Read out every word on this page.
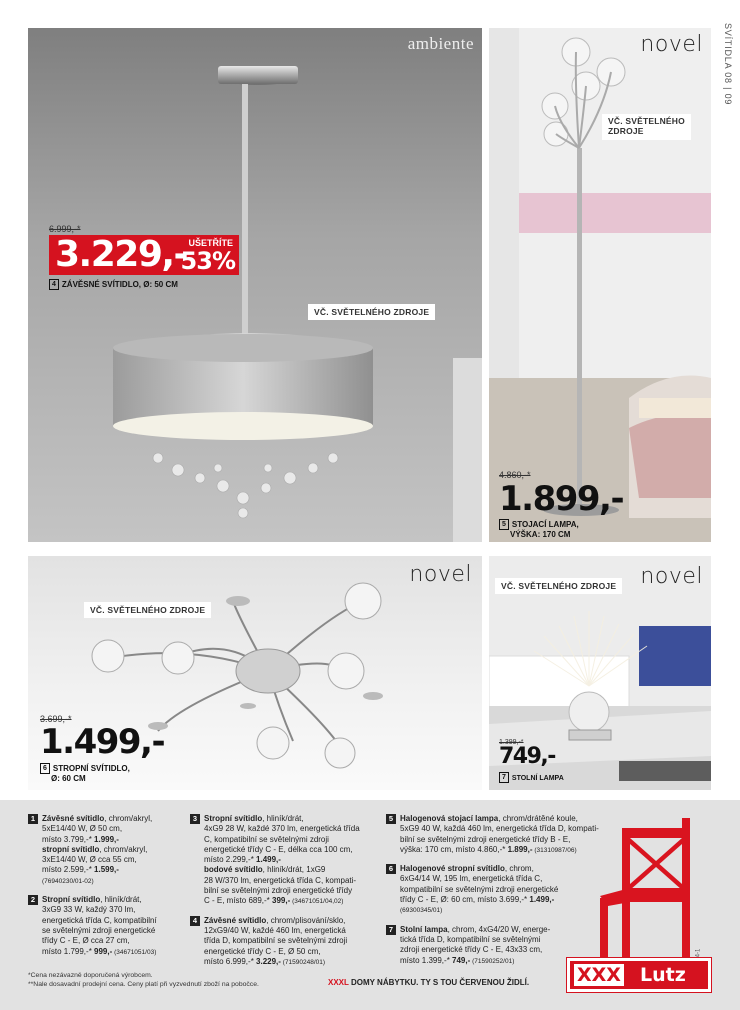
SVÍTIDLA 08 | 09
ambiente
6.999,-*
3.229,- UŠETŘÍTE
53%
4 ZÁVĚSNÉ SVÍTIDLO, Ø: 50 CM
VČ. SVĚTELNÉHO ZDROJE
novel
VČ. SVĚTELNÉHO
ZDROJE
4.860,-*
1.899,-
5 STOJACÍ LAMPA,
VÝŠKA: 170 CM
novel
VČ. SVĚTELNÉHO ZDROJE
3.699,-*
1.499,-
6 STROPNÍ SVÍTIDLO,
Ø: 60 CM
VČ. SVĚTELNÉHO ZDROJE novel
1.399,-*
749,-
7 STOLNÍ LAMPA
1 Závěsné svítidlo, chrom/akryl,
5xE14/40 W, Ø 50 cm,
místo 3.799,-* 1.999,-
stropní svítidlo, chrom/akryl,
3xE14/40 W, Ø cca 55 cm,
místo 2.599,-* 1.599,-
(76940230/01-02)
2 Stropní svítidlo, hliník/drát,
3xG9 33 W, každý 370 lm,
energetická třída C, kompatibilní
se světelnými zdroji energetické
třídy C - E, Ø cca 27 cm,
místo 1.799,-* 999,- (34671051/03)
3 Stropní svítidlo, hliník/drát,
4xG9 28 W, každé 370 lm, energetická třída
C, kompatibilní se světelnými zdroji
energetické třídy C - E, délka cca 100 cm,
místo 2.299,-* 1.499,-
bodové svítidlo, hliník/drát, 1xG9
28 W/370 lm, energetická třída C, kompati-
bilní se světelnými zdroji energetické třídy
C - E, místo 689,-* 399,- (34671051/04,02)
4 Závěsné svítidlo, chrom/plisování/sklo,
12xG9/40 W, každé 460 lm, energetická
třída D, kompatibilní se světelnými zdroji
energetické třídy C - E, Ø 50 cm,
místo 6.999,-* 3.229,- (71590248/01)
5 Halogenová stojací lampa, chrom/drátěné koule,
5xG9 40 W, každá 460 lm, energetická třída D, kompati-
bilní se světelnými zdroji energetické třídy B - E,
výška: 170 cm, místo 4.860,-* 1.899,- (31310987/06)
6 Halogenové stropní svítidlo, chrom,
6xG4/14 W, 195 lm, energetická třída C,
kompatibilní se světelnými zdroji energetické
třídy C - E, Ø: 60 cm, místo 3.699,-* 1.499,-
(69300345/01)
7 Stolní lampa, chrom, 4xG4/20 W, energe-
tická třída D, kompatibilní se světelnými
zdroji energetické třídy C - E, 43x33 cm,
místo 1.399,-* 749,- (71590252/01)
*Cena nezávazně doporučená výrobcem.
**Nale dosavadní prodejní cena. Ceny platí při vyzvednutí zboží na pobočce.	XXXL DOMY NÁBYTKU. TY S TOU ČERVENOU ŽIDLÍ.	XXX Lutz
